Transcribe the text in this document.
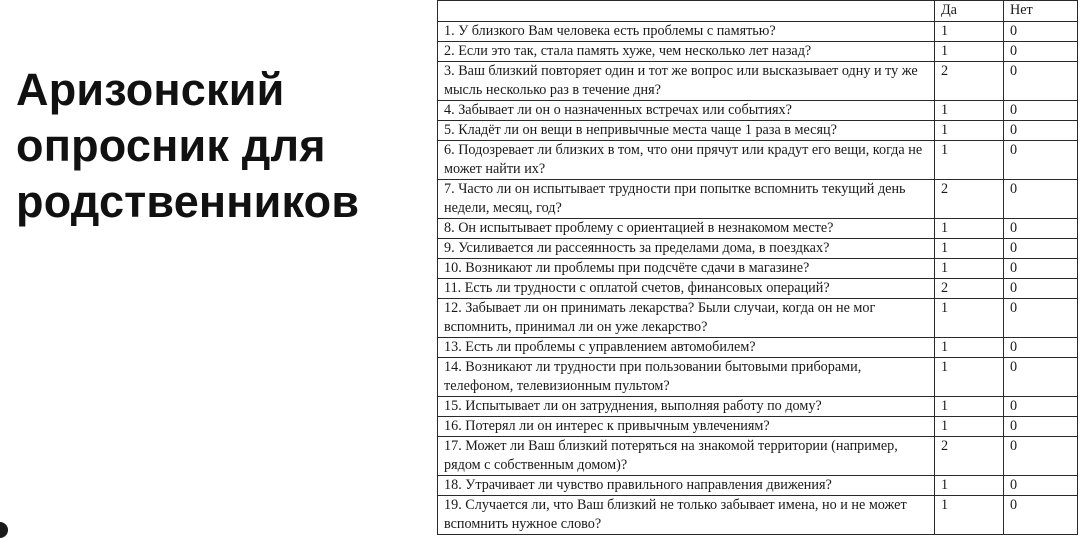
Аризонский
опросник для
родственников
	Да	Нет
1. У близкого Вам человека есть проблемы с памятью?	1	0
2. Если это так, стала память хуже, чем несколько лет назад?	1	0
3. Ваш близкий повторяет один и тот же вопрос или высказывает одну и ту же мысль несколько раз в течение дня?	2	0
4. Забывает ли он о назначенных встречах или событиях?	1	0
5. Кладёт ли он вещи в непривычные места чаще 1 раза в месяц?	1	0
6. Подозревает ли близких в том, что они прячут или крадут его вещи, когда не может найти их?	1	0
7. Часто ли он испытывает трудности при попытке вспомнить текущий день недели, месяц, год?	2	0
8. Он испытывает проблему с ориентацией в незнакомом месте?	1	0
9. Усиливается ли рассеянность за пределами дома, в поездках?	1	0
10. Возникают ли проблемы при подсчёте сдачи в магазине?	1	0
11. Есть ли трудности с оплатой счетов, финансовых операций?	2	0
12. Забывает ли он принимать лекарства? Были случаи, когда он не мог вспомнить, принимал ли он уже лекарство?	1	0
13. Есть ли проблемы с управлением автомобилем?	1	0
14. Возникают ли трудности при пользовании бытовыми приборами, телефоном, телевизионным пультом?	1	0
15. Испытывает ли он затруднения, выполняя работу по дому?	1	0
16. Потерял ли он интерес к привычным увлечениям?	1	0
17. Может ли Ваш близкий потеряться на знакомой территории (например, рядом с собственным домом)?	2	0
18. Утрачивает ли чувство правильного направления движения?	1	0
19. Случается ли, что Ваш близкий не только забывает имена, но и не может вспомнить нужное слово?	1	0
